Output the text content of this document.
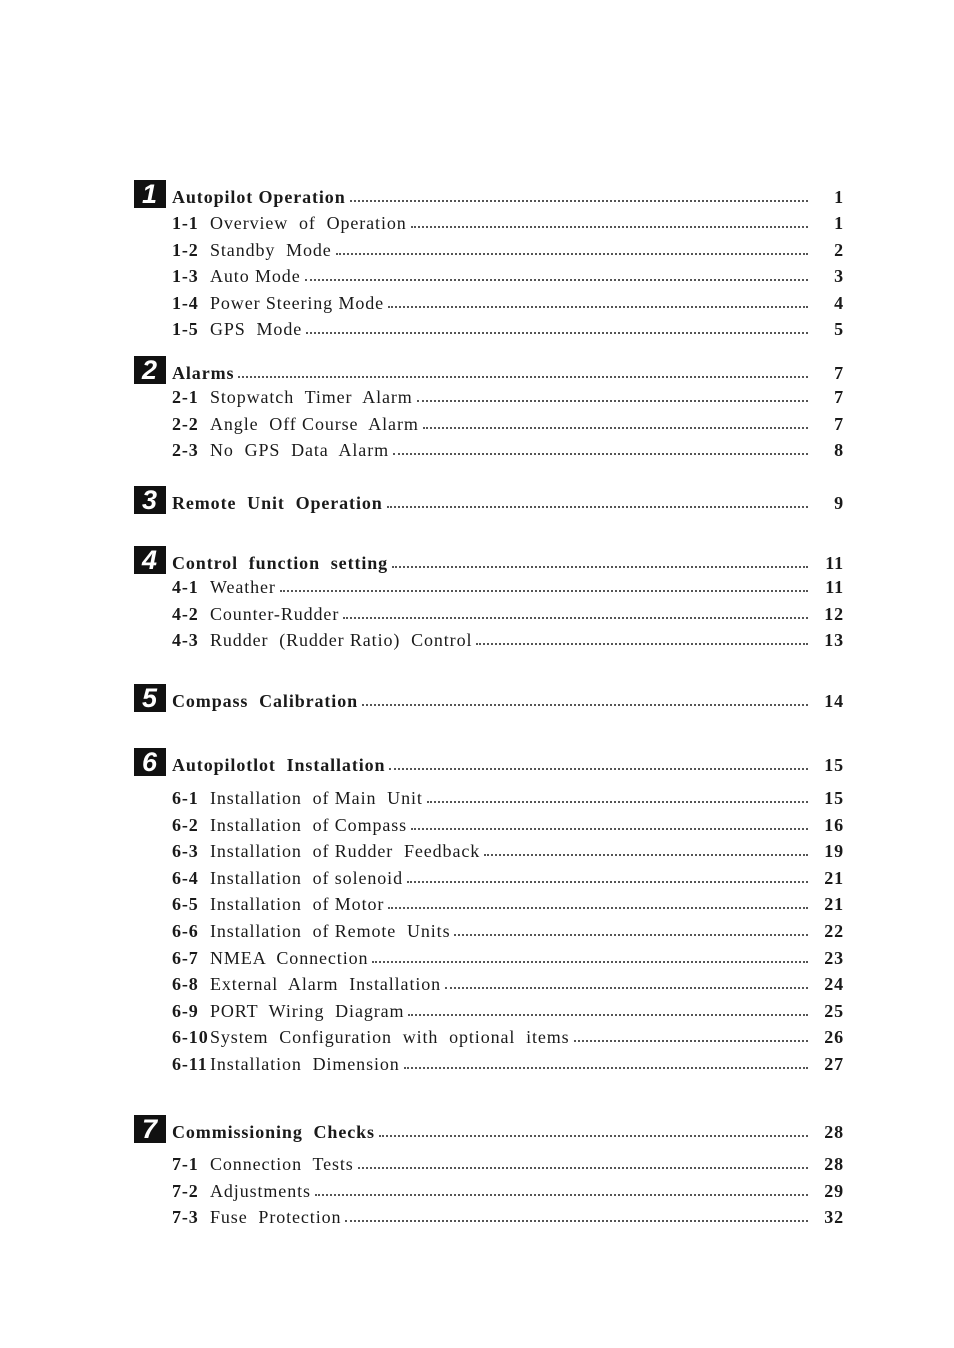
1 Autopilot Operation	1
1-1 Overview  of  Operation	1
1-2 Standby  Mode	2
1-3 Auto Mode	3
1-4 Power Steering Mode	4
1-5 GPS  Mode	5
2 Alarms	7
2-1 Stopwatch  Timer  Alarm	7
2-2 Angle  Off Course  Alarm	7
2-3 No  GPS  Data  Alarm	8
3 Remote  Unit  Operation	9
4 Control  function  setting	11
4-1 Weather	11
4-2 Counter-Rudder	12
4-3 Rudder  (Rudder Ratio)  Control	13
5 Compass  Calibration	14
6 Autopilotlot  Installation	15
6-1 Installation  of Main  Unit	15
6-2 Installation  of Compass	16
6-3 Installation  of Rudder  Feedback	19
6-4 Installation  of solenoid	21
6-5 Installation  of Motor	21
6-6 Installation  of Remote  Units	22
6-7 NMEA  Connection	23
6-8 External  Alarm  Installation	24
6-9 PORT  Wiring  Diagram	25
6-10 System  Configuration  with  optional  items	26
6-11 Installation  Dimension	27
7 Commissioning  Checks	28
7-1 Connection  Tests	28
7-2 Adjustments	29
7-3 Fuse  Protection	32
